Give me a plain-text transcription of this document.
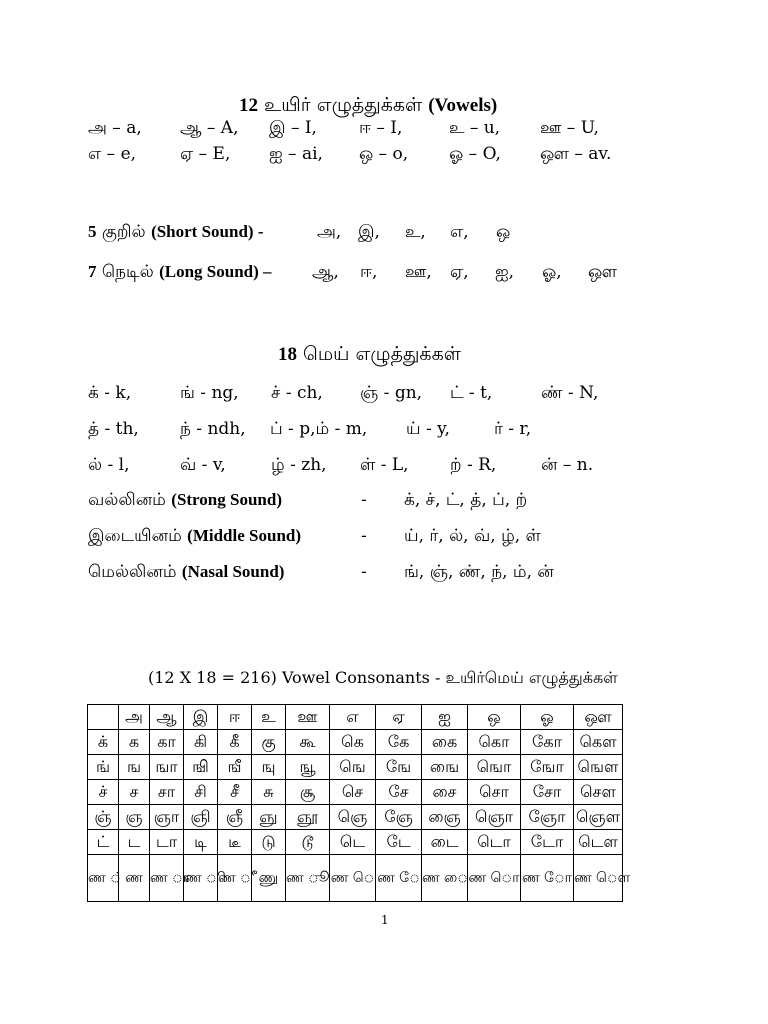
12 உயிர் எழுத்துக்கள் (Vowels)
அ – a, ஆ – A, இ – I, ஈ – I,	உ – u, ஊ – U,
எ – e,	ஏ – E, ஐ – ai, ஒ – o, ஓ – O, ஔ – av.
5 குறில் (Short Sound) -	அ, இ, உ, எ, ஒ
7 நெடில் (Long Sound) – ஆ, ஈ, ஊ, ஏ, ஐ, ஓ, ஔ
18 மெய் எழுத்துக்கள்
க் - k,	ங் - ng, ச் - ch, ஞ் - gn, ட் - t,	ண் - N,
த் - th, ந் - ndh, ப் - p,ம் - m, ய் - y,	ர் - r,
ல் - l,	வ் - v,	ழ் - zh, ள் - L, ற் - R,	ன் – n.
வல்லினம் (Strong Sound)	- க், ச், ட், த், ப், ற்
இடையினம் (Middle Sound)	- ய், ர், ல், வ், ழ், ள்
மெல்லினம் (Nasal Sound)	- ங், ஞ், ண், ந், ம், ன்
(12 X 18 = 216) Vowel Consonants - உயிர்மெய் எழுத்துக்கள்
	அ	ஆ	இ	ஈ	உ	ஊ	எ	ஏ	ஐ	ஒ	ஓ	ஔ
க்	க	கா	கி	கீ	கு	கூ	கெ	கே	கை	கொ	கோ	கௌ
ங்	ங	ஙா	ஙி	ஙீ	ஙு	ஙூ	ஙெ	ஙே	ஙை	ஙொ	ஙோ	ஙௌ
ச்	ச	சா	சி	சீ	சு	சூ	செ	சே	சை	சொ	சோ	சௌ
ஞ்	ஞ	ஞா	ஞி	ஞீ	ஞு	ஞூ	ஞெ	ஞே	ஞை	ஞொ	ஞோ	ஞௌ
ட்	ட	டா	டி	டீ	டு	டூ	டெ	டே	டை	டொ	டோ	டௌ
ண ்	ண	ண ா	ண ி	ண ீ	ணு	ண ூ	ண ெ	ண ே	ண ை	ண ொ	ண ோ	ண ௌ
1
